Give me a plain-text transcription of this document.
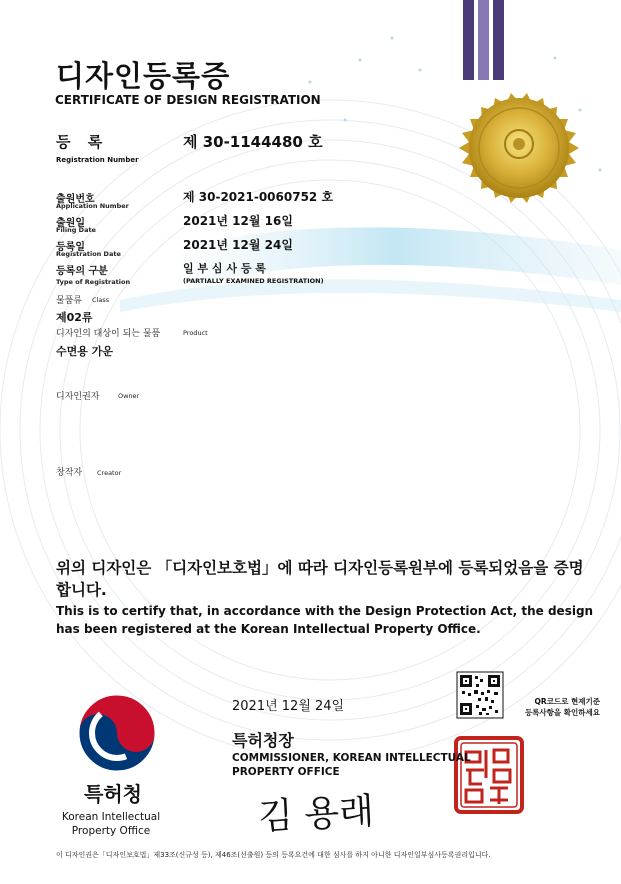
디자인등록증
CERTIFICATE OF DESIGN REGISTRATION
등 록
Registration Number
제 30-1144480 호
출원번호
Application Number
제 30-2021-0060752 호
출원일
Filing Date
2021년 12월 16일
등록일
Registration Date
2021년 12월 24일
등록의 구분
Type of Registration
일 부 심 사 등 록
(PARTIALLY EXAMINED REGISTRATION)
물품류 Class
제02류
디자인의 대상이 되는 물품	Product
수면용 가운
디자인권자	Owner
창작자 Creator
위의 디자인은 「디자인보호법」에 따라 디자인등록원부에 등록되었음을 증명합니다.
This is to certify that, in accordance with the Design Protection Act, the design has been registered at the Korean Intellectual Property Office.
2021년 12월 24일
특허청장
COMMISSIONER, KOREAN INTELLECTUAL PROPERTY OFFICE
김 용래
QR코드로 현재기준
등록사항을 확인하세요
특허청
Korean Intellectual Property Office
이 디자인권은「디자인보호법」제33조(신규성 등), 제46조(선출원) 등의 등록요건에 대한 심사를 하지 아니한 디자인일부심사등록권리입니다.
